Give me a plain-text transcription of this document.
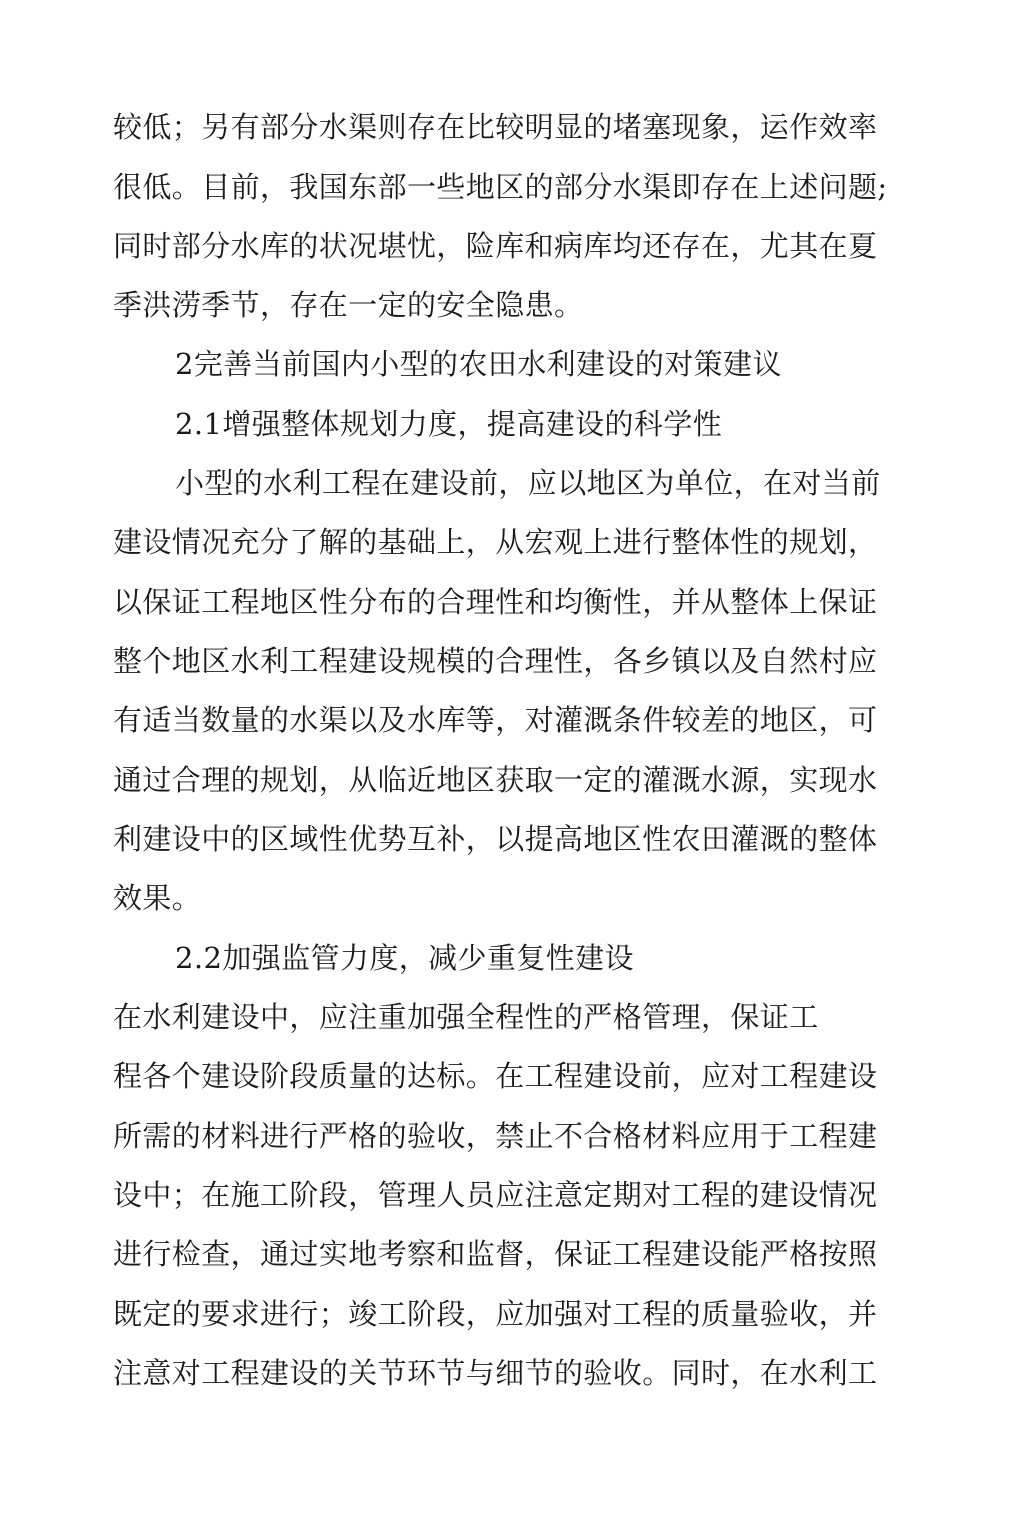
较低；另有部分水渠则存在比较明显的堵塞现象，运作效率

很低。目前，我国东部一些地区的部分水渠即存在上述问题;

同时部分水库的状况堪忧，险库和病库均还存在，尤其在夏

季洪涝季节，存在一定的安全隐患。

2完善当前国内小型的农田水利建设的对策建议

2.1增强整体规划力度，提高建设的科学性

小型的水利工程在建设前，应以地区为单位，在对当前

建设情况充分了解的基础上，从宏观上进行整体性的规划，

以保证工程地区性分布的合理性和均衡性，并从整体上保证

整个地区水利工程建设规模的合理性，各乡镇以及自然村应

有适当数量的水渠以及水库等，对灌溉条件较差的地区，可

通过合理的规划，从临近地区获取一定的灌溉水源，实现水

利建设中的区域性优势互补，以提高地区性农田灌溉的整体

效果。

2.2加强监管力度，减少重复性建设

在水利建设中，应注重加强全程性的严格管理，保证工

程各个建设阶段质量的达标。在工程建设前，应对工程建设

所需的材料进行严格的验收，禁止不合格材料应用于工程建

设中；在施工阶段，管理人员应注意定期对工程的建设情况

进行检查，通过实地考察和监督，保证工程建设能严格按照

既定的要求进行；竣工阶段，应加强对工程的质量验收，并

注意对工程建设的关节环节与细节的验收。同时，在水利工
